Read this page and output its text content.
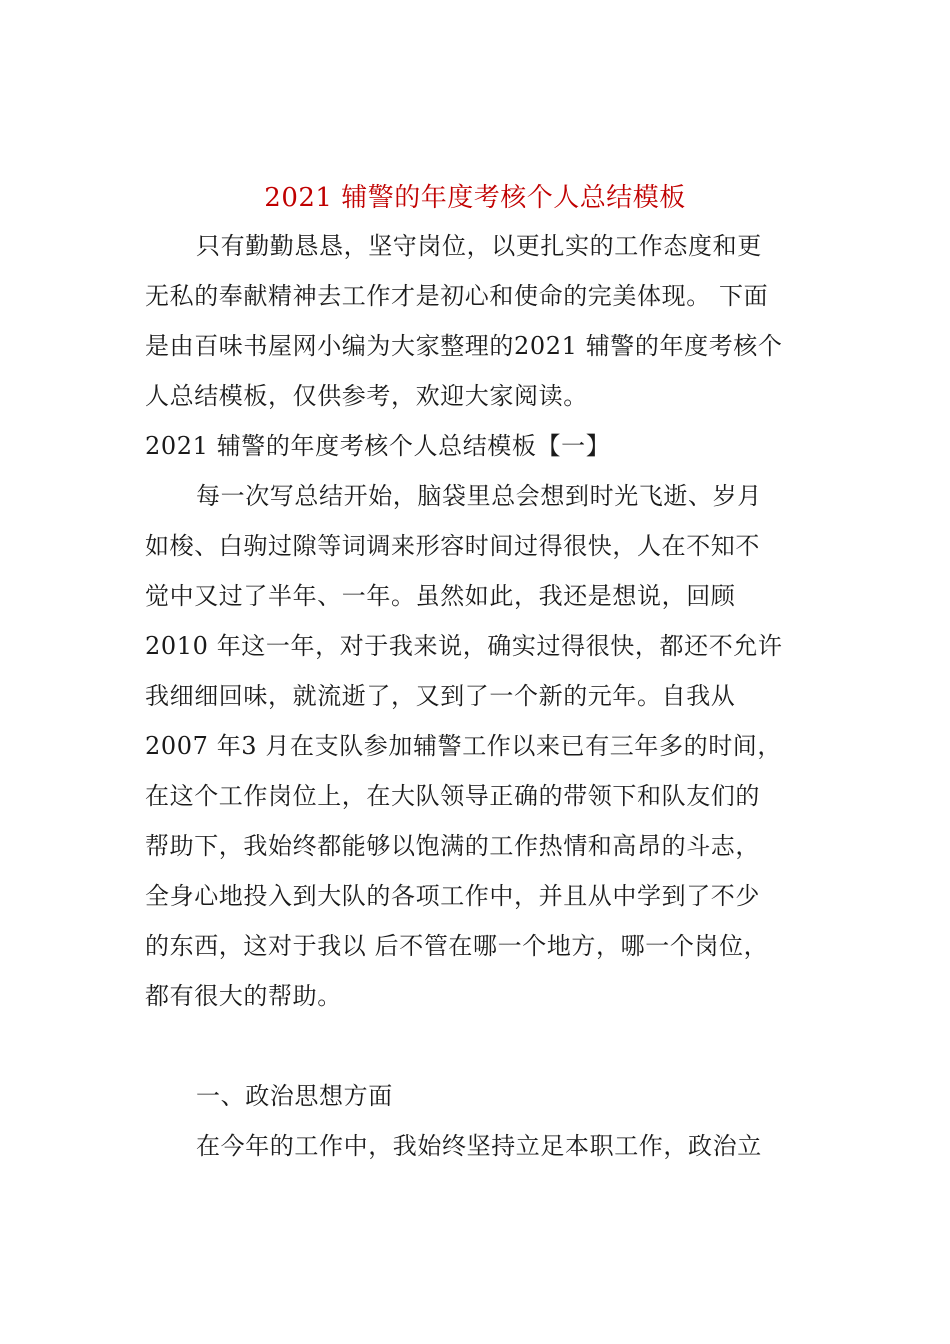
2021 辅警的年度考核个人总结模板

只有勤勤恳恳，坚守岗位，以更扎实的工作态度和更

无私的奉献精神去工作才是初心和使命的完美体现。 下面

是由百味书屋网小编为大家整理的2021 辅警的年度考核个

人总结模板，仅供参考，欢迎大家阅读。

2021 辅警的年度考核个人总结模板【一】

每一次写总结开始，脑袋里总会想到时光飞逝、岁月

如梭、白驹过隙等词调来形容时间过得很快，人在不知不

觉中又过了半年、一年。虽然如此，我还是想说，回顾

2010 年这一年，对于我来说，确实过得很快，都还不允许

我细细回味，就流逝了，又到了一个新的元年。自我从

2007 年3 月在支队参加辅警工作以来已有三年多的时间，

在这个工作岗位上，在大队领导正确的带领下和队友们的

帮助下，我始终都能够以饱满的工作热情和高昂的斗志，

全身心地投入到大队的各项工作中，并且从中学到了不少

的东西，这对于我以 后不管在哪一个地方，哪一个岗位，

都有很大的帮助。

一、政治思想方面

在今年的工作中，我始终坚持立足本职工作，政治立
